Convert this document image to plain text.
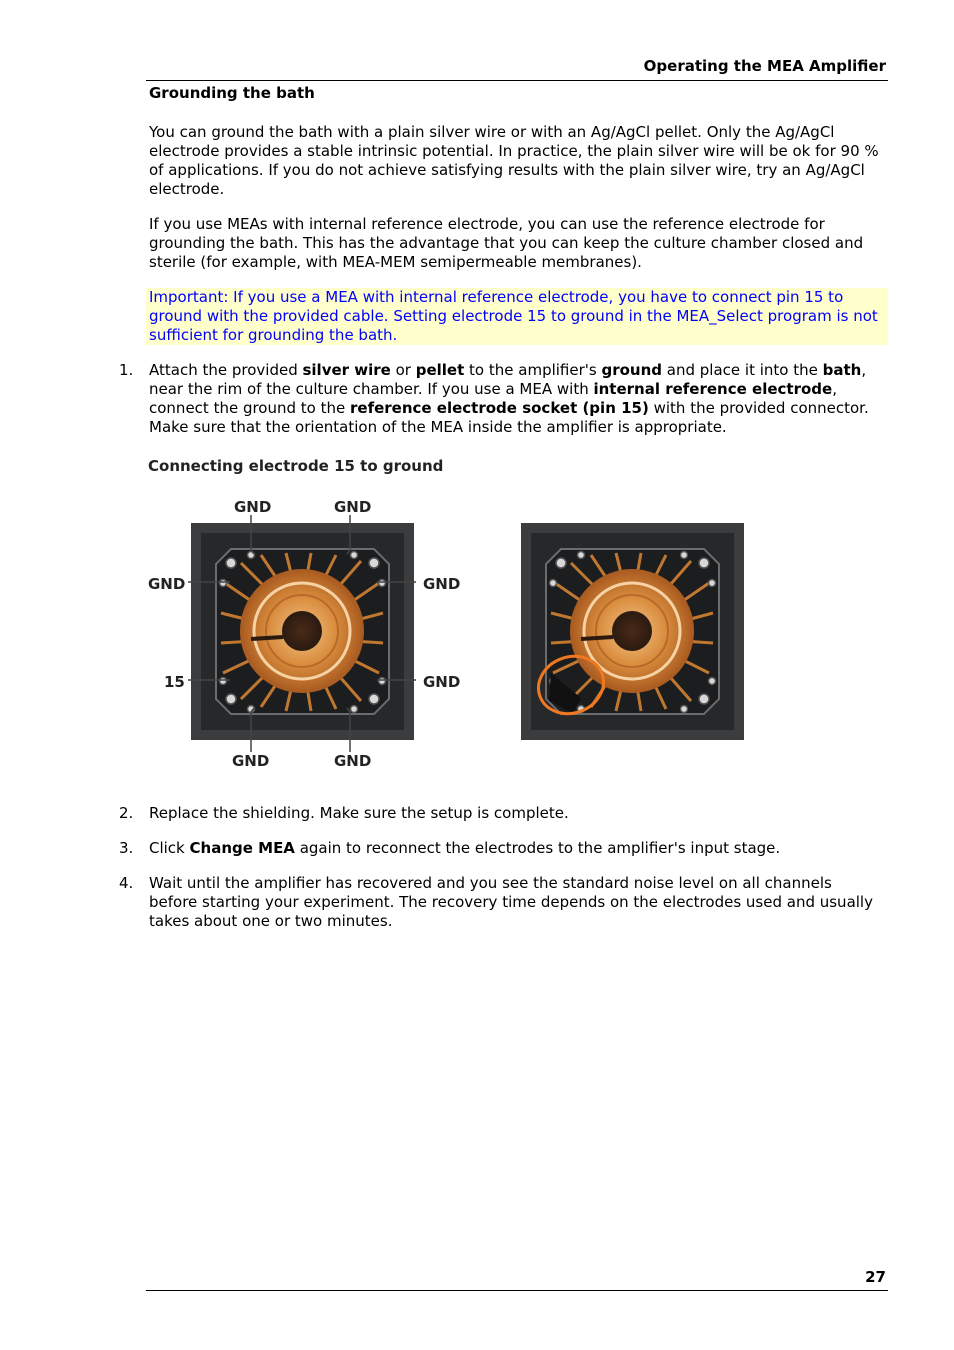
Operating the MEA Amplifier
Grounding the bath
You can ground the bath with a plain silver wire or with an Ag/AgCl pellet. Only the Ag/AgCl electrode provides a stable intrinsic potential. In practice, the plain silver wire will be ok for 90 % of applications. If you do not achieve satisfying results with the plain silver wire, try an Ag/AgCl electrode.
If you use MEAs with internal reference electrode, you can use the reference electrode for grounding the bath. This has the advantage that you can keep the culture chamber closed and sterile (for example, with MEA-MEM semipermeable membranes).
Important: If you use a MEA with internal reference electrode, you have to connect pin 15 to ground with the provided cable. Setting electrode 15 to ground in the MEA_Select program is not sufficient for grounding the bath.
1.	Attach the provided silver wire or pellet to the amplifier's ground and place it into the bath, near the rim of the culture chamber. If you use a MEA with internal reference electrode, connect the ground to the reference electrode socket (pin 15) with the provided connector. Make sure that the orientation of the MEA inside the amplifier is appropriate.
Connecting electrode 15 to ground
GND	GND
GND	GND
15	GND
GND	GND
2.	Replace the shielding. Make sure the setup is complete.
3.	Click Change MEA again to reconnect the electrodes to the amplifier's input stage.
4.	Wait until the amplifier has recovered and you see the standard noise level on all channels before starting your experiment. The recovery time depends on the electrodes used and usually takes about one or two minutes.
27
